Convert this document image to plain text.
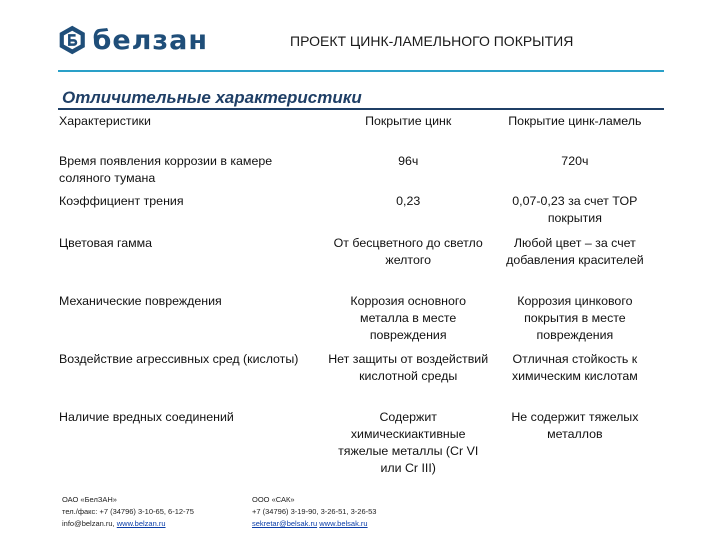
белзан	ПРОЕКТ ЦИНК-ЛАМЕЛЬНОГО ПОКРЫТИЯ
Отличительные характеристики
Характеристики	Покрытие цинк	Покрытие цинк-ламель
Время появления коррозии в камере соляного тумана	96ч	720ч
Коэффициент трения	0,23	0,07-0,23 за счет TOP покрытия
Цветовая гамма	От бесцветного до светло желтого	Любой цвет – за счет добавления красителей
Механические повреждения	Коррозия основного металла в месте повреждения	Коррозия цинкового покрытия в месте повреждения
Воздействие агрессивных сред (кислоты)	Нет защиты от воздействий кислотной среды	Отличная стойкость к химическим кислотам
Наличие вредных соединений	Содержит химическиактивные тяжелые металлы (Cr VI или Cr III)	Не содержит тяжелых металлов
ОАО «БелЗАН»
тел./факс: +7 (34796) 3-10-65, 6-12-75
info@belzan.ru, www.belzan.ru
ООО «САК»
+7 (34796) 3-19-90, 3-26-51, 3-26-53
sekretar@belsak.ru www.belsak.ru
